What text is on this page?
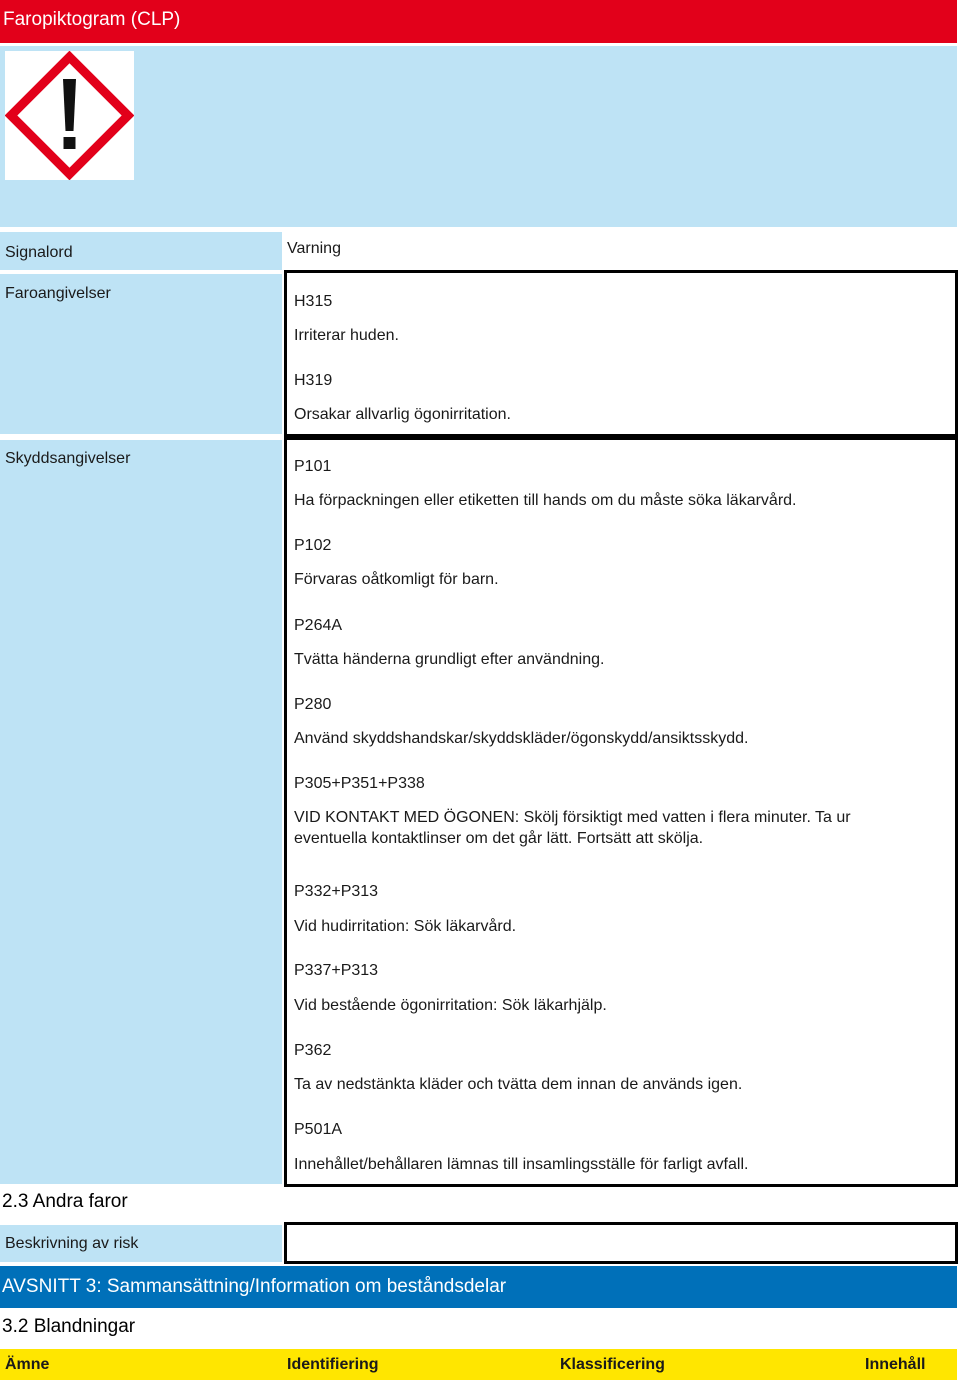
Faropiktogram (CLP)
Signalord	Varning
Faroangivelser	H315
Irriterar huden.
H319
Orsakar allvarlig ögonirritation.
Skyddsangivelser	P101
Ha förpackningen eller etiketten till hands om du måste söka läkarvård.
P102
Förvaras oåtkomligt för barn.
P264A
Tvätta händerna grundligt efter användning.
P280
Använd skyddshandskar/skyddskläder/ögonskydd/ansiktsskydd.
P305+P351+P338
VID KONTAKT MED ÖGONEN: Skölj försiktigt med vatten i flera minuter. Ta ur eventuella kontaktlinser om det går lätt. Fortsätt att skölja.
P332+P313
Vid hudirritation: Sök läkarvård.
P337+P313
Vid bestående ögonirritation: Sök läkarhjälp.
P362
Ta av nedstänkta kläder och tvätta dem innan de används igen.
P501A
Innehållet/behållaren lämnas till insamlingsställe för farligt avfall.
2.3 Andra faror
Beskrivning av risk
AVSNITT 3: Sammansättning/Information om beståndsdelar
3.2 Blandningar
Ämne	Identifiering	Klassificering	Innehåll
